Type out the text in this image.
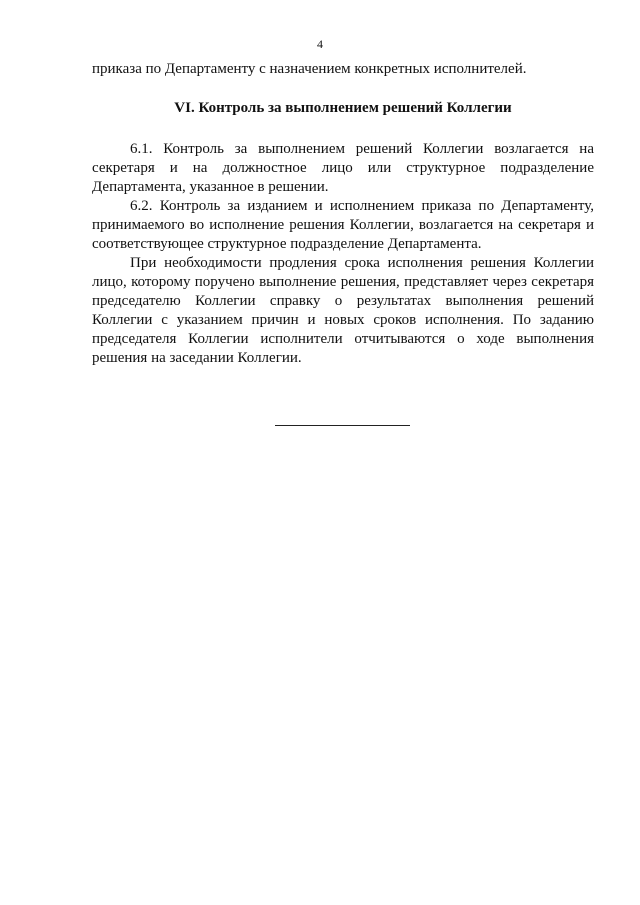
4

приказа по Департаменту с назначением конкретных исполнителей.

VI. Контроль за выполнением решений Коллегии

6.1. Контроль за выполнением решений Коллегии возлагается на секретаря и на должностное лицо или структурное подразделение Департамента, указанное в решении.

6.2. Контроль за изданием и исполнением приказа по Департаменту, принимаемого во исполнение решения Коллегии, возлагается на секретаря и соответствующее структурное подразделение Департамента.

При необходимости продления срока исполнения решения Коллегии лицо, которому поручено выполнение решения, представляет через секретаря председателю Коллегии справку о результатах выполнения решений Коллегии с указанием причин и новых сроков исполнения. По заданию председателя Коллегии исполнители отчитываются о ходе выполнения решения на заседании Коллегии.
